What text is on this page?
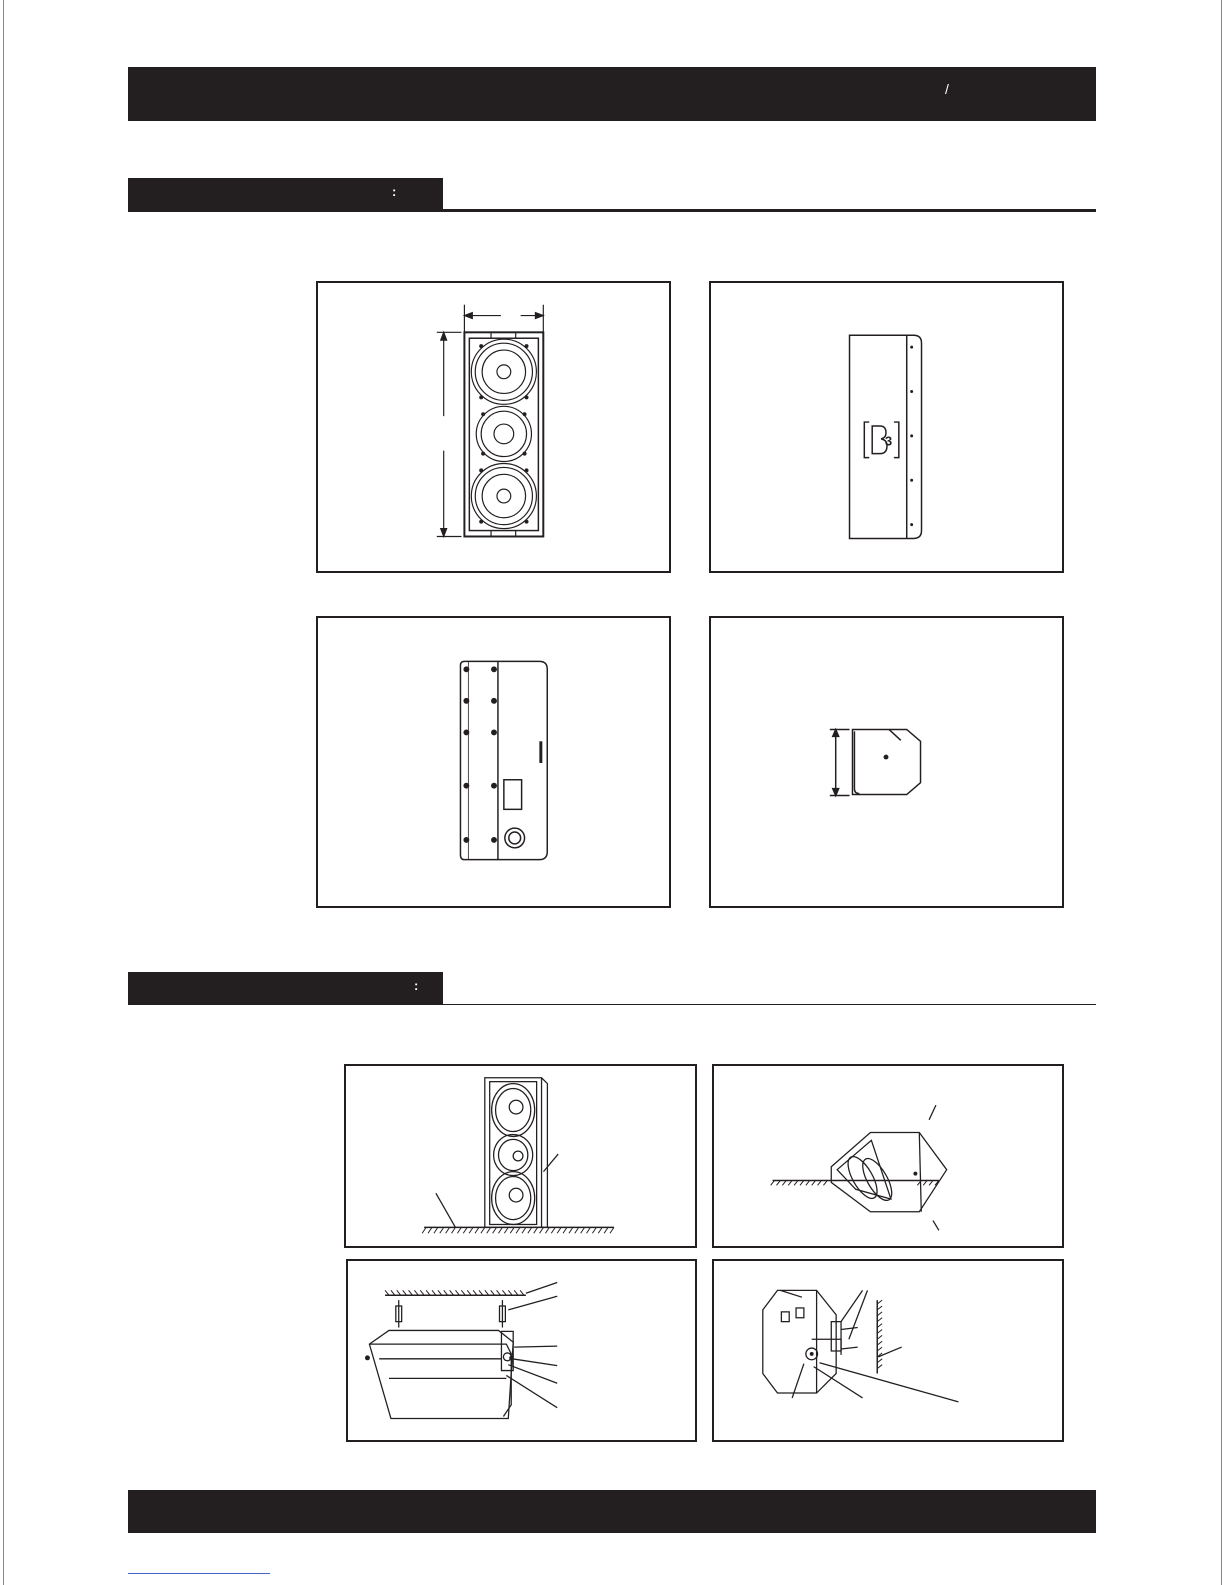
/
:
3
:
